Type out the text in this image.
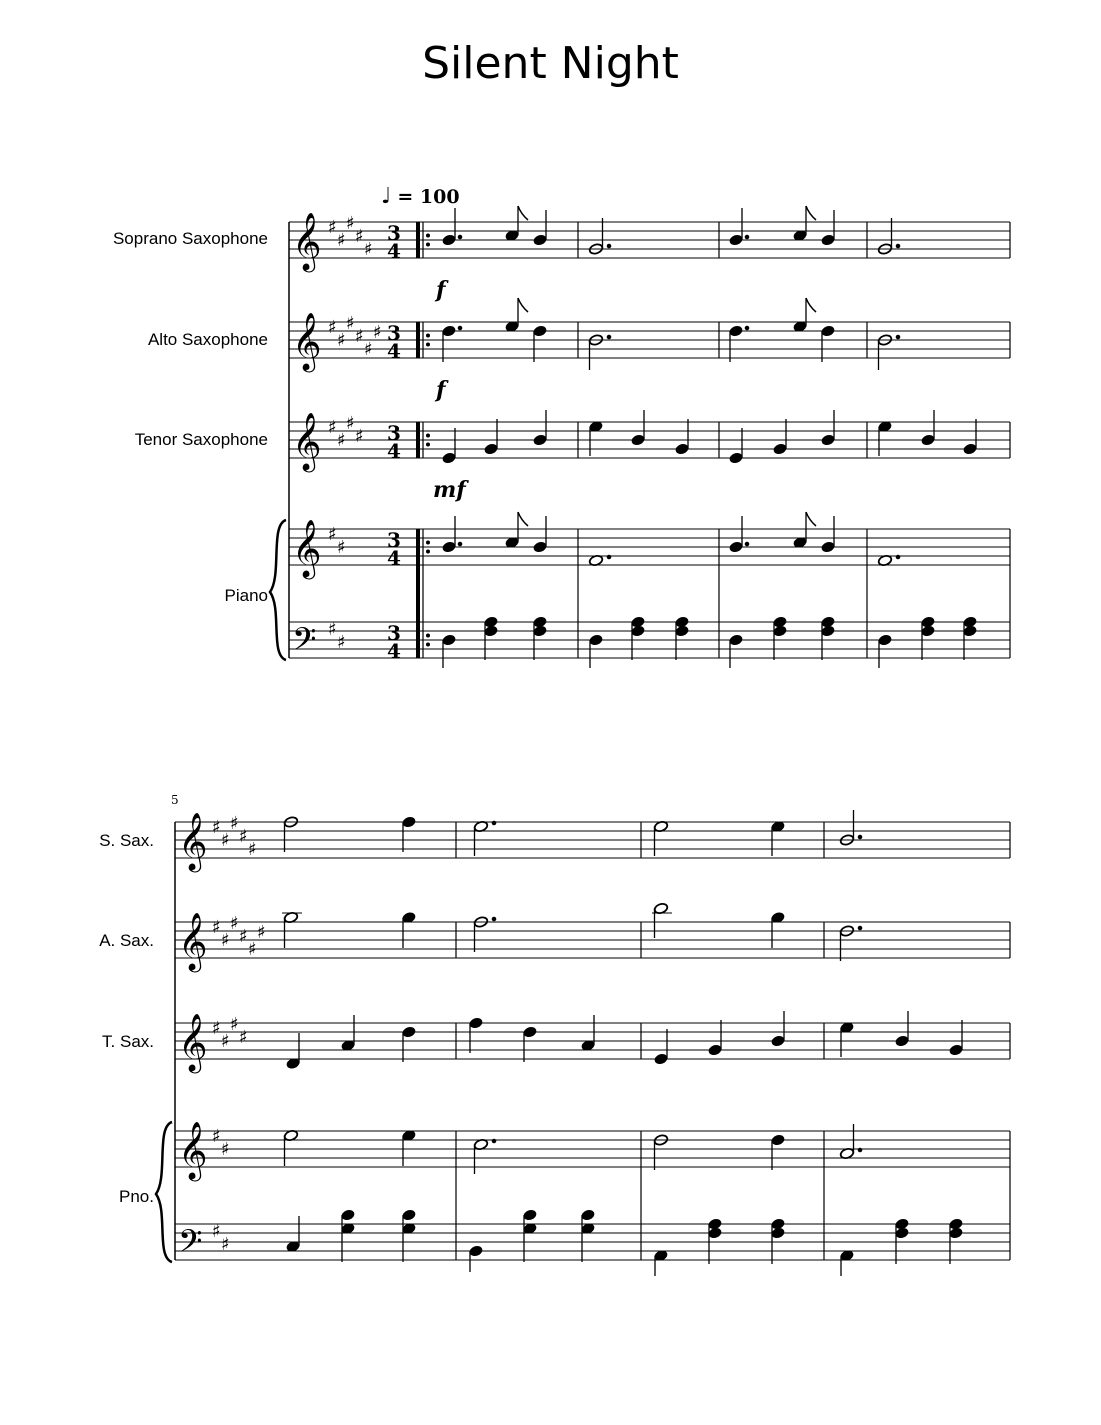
Silent Night
♩ = 100
Soprano Saxophone
Alto Saxophone
Tenor Saxophone
Piano
f
f
mf
𝄞
𝄞
𝄞
𝄞
𝄢
♯
♯
♯
♯
♯
♯
♯
♯
♯
♯
♯
♯
♯
♯
♯
♯
♯
♯
♯
3
4
3
4
3
4
3
4
3
4
5
S. Sax.
A. Sax.
T. Sax.
Pno.
𝄞
𝄞
𝄞
𝄞
𝄢
♯
♯
♯
♯
♯
♯
♯
♯
♯
♯
♯
♯
♯
♯
♯
♯
♯
♯
♯
